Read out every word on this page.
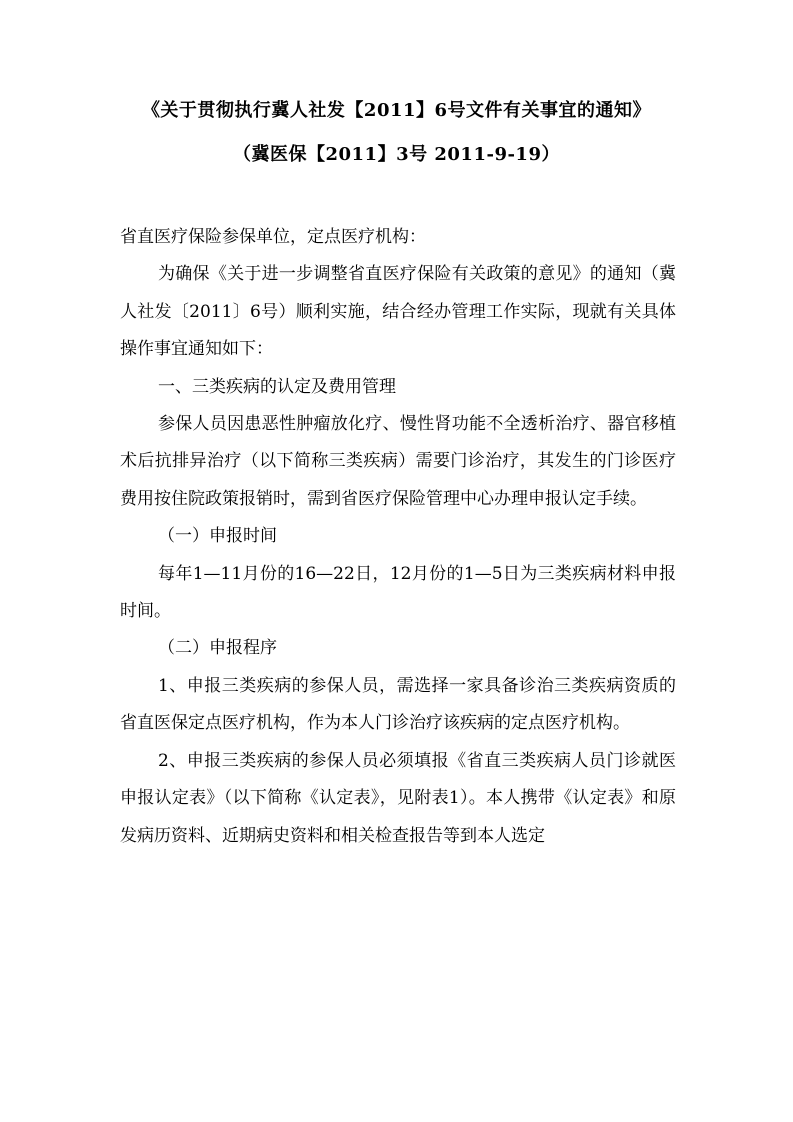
《关于贯彻执行冀人社发【2011】6号文件有关事宜的通知》
（冀医保【2011】3号 2011-9-19）

省直医疗保险参保单位，定点医疗机构：

为确保《关于进一步调整省直医疗保险有关政策的意见》的通知（冀人社发〔2011〕6号）顺利实施，结合经办管理工作实际，现就有关具体操作事宜通知如下：

一、三类疾病的认定及费用管理

参保人员因患恶性肿瘤放化疗、慢性肾功能不全透析治疗、器官移植术后抗排异治疗（以下简称三类疾病）需要门诊治疗，其发生的门诊医疗费用按住院政策报销时，需到省医疗保险管理中心办理申报认定手续。

（一）申报时间

每年1—11月份的16—22日，12月份的1—5日为三类疾病材料申报时间。

（二）申报程序

1、申报三类疾病的参保人员，需选择一家具备诊治三类疾病资质的省直医保定点医疗机构，作为本人门诊治疗该疾病的定点医疗机构。

2、申报三类疾病的参保人员必须填报《省直三类疾病人员门诊就医申报认定表》（以下简称《认定表》，见附表1）。本人携带《认定表》和原发病历资料、近期病史资料和相关检查报告等到本人选定
